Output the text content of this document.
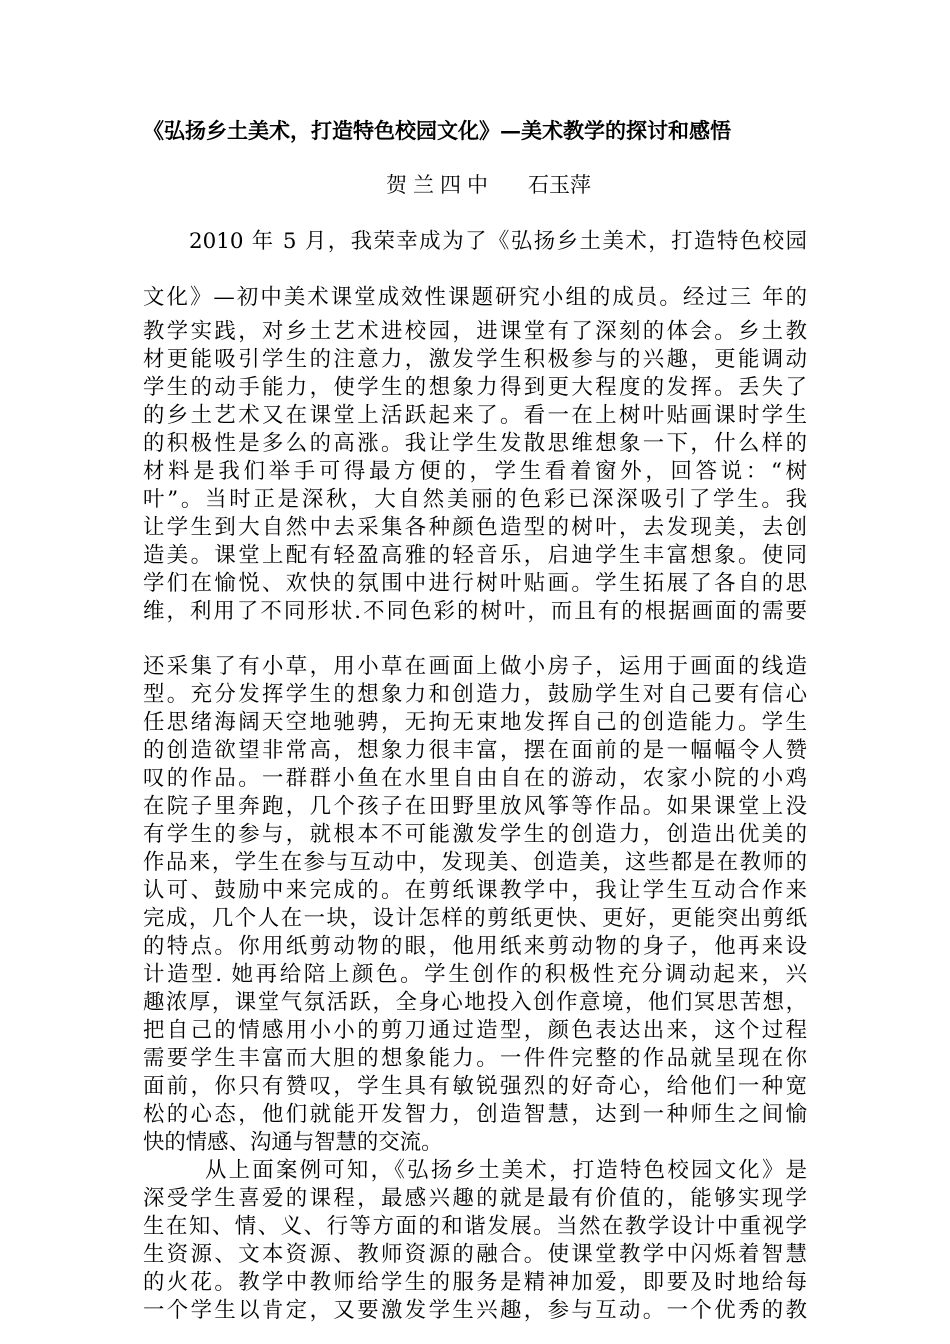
《弘扬乡土美术，打造特色校园文化》—美术教学的探讨和感悟
贺兰四中 石玉萍
2010 年 5 月，我荣幸成为了《弘扬乡土美术，打造特色校园
文化》—初中美术课堂成效性课题研究小组的成员。经过三 年的
教学实践，对乡土艺术进校园，进课堂有了深刻的体会。乡土教
材更能吸引学生的注意力，激发学生积极参与的兴趣，更能调动
学生的动手能力，使学生的想象力得到更大程度的发挥。丢失了
的乡土艺术又在课堂上活跃起来了。看一在上树叶贴画课时学生
的积极性是多么的高涨。我让学生发散思维想象一下，什么样的
材料是我们举手可得最方便的，学生看着窗外，回答说：“树
叶”。当时正是深秋，大自然美丽的色彩已深深吸引了学生。我
让学生到大自然中去采集各种颜色造型的树叶，去发现美，去创
造美。课堂上配有轻盈高雅的轻音乐，启迪学生丰富想象。使同
学们在愉悦、欢快的氛围中进行树叶贴画。学生拓展了各自的思
维，利用了不同形状.不同色彩的树叶，而且有的根据画面的需要
还采集了有小草，用小草在画面上做小房子，运用于画面的线造
型。充分发挥学生的想象力和创造力，鼓励学生对自己要有信心
任思绪海阔天空地驰骋，无拘无束地发挥自己的创造能力。学生
的创造欲望非常高，想象力很丰富，摆在面前的是一幅幅令人赞
叹的作品。一群群小鱼在水里自由自在的游动，农家小院的小鸡
在院子里奔跑，几个孩子在田野里放风筝等作品。如果课堂上没
有学生的参与，就根本不可能激发学生的创造力，创造出优美的
作品来，学生在参与互动中，发现美、创造美，这些都是在教师的
认可、鼓励中来完成的。在剪纸课教学中，我让学生互动合作来
完成，几个人在一块，设计怎样的剪纸更快、更好，更能突出剪纸
的特点。你用纸剪动物的眼，他用纸来剪动物的身子，他再来设
计造型. 她再给陪上颜色。学生创作的积极性充分调动起来，兴
趣浓厚，课堂气氛活跃，全身心地投入创作意境，他们冥思苦想，
把自己的情感用小小的剪刀通过造型，颜色表达出来，这个过程
需要学生丰富而大胆的想象能力。一件件完整的作品就呈现在你
面前，你只有赞叹，学生具有敏锐强烈的好奇心，给他们一种宽
松的心态，他们就能开发智力，创造智慧，达到一种师生之间愉
快的情感、沟通与智慧的交流。
从上面案例可知，《弘扬乡土美术，打造特色校园文化》是
深受学生喜爱的课程，最感兴趣的就是最有价值的，能够实现学
生在知、情、义、行等方面的和谐发展。当然在教学设计中重视学
生资源、文本资源、教师资源的融合。使课堂教学中闪烁着智慧
的火花。教学中教师给学生的服务是精神加爱，即要及时地给每
一个学生以肯定，又要激发学生兴趣，参与互动。一个优秀的教
